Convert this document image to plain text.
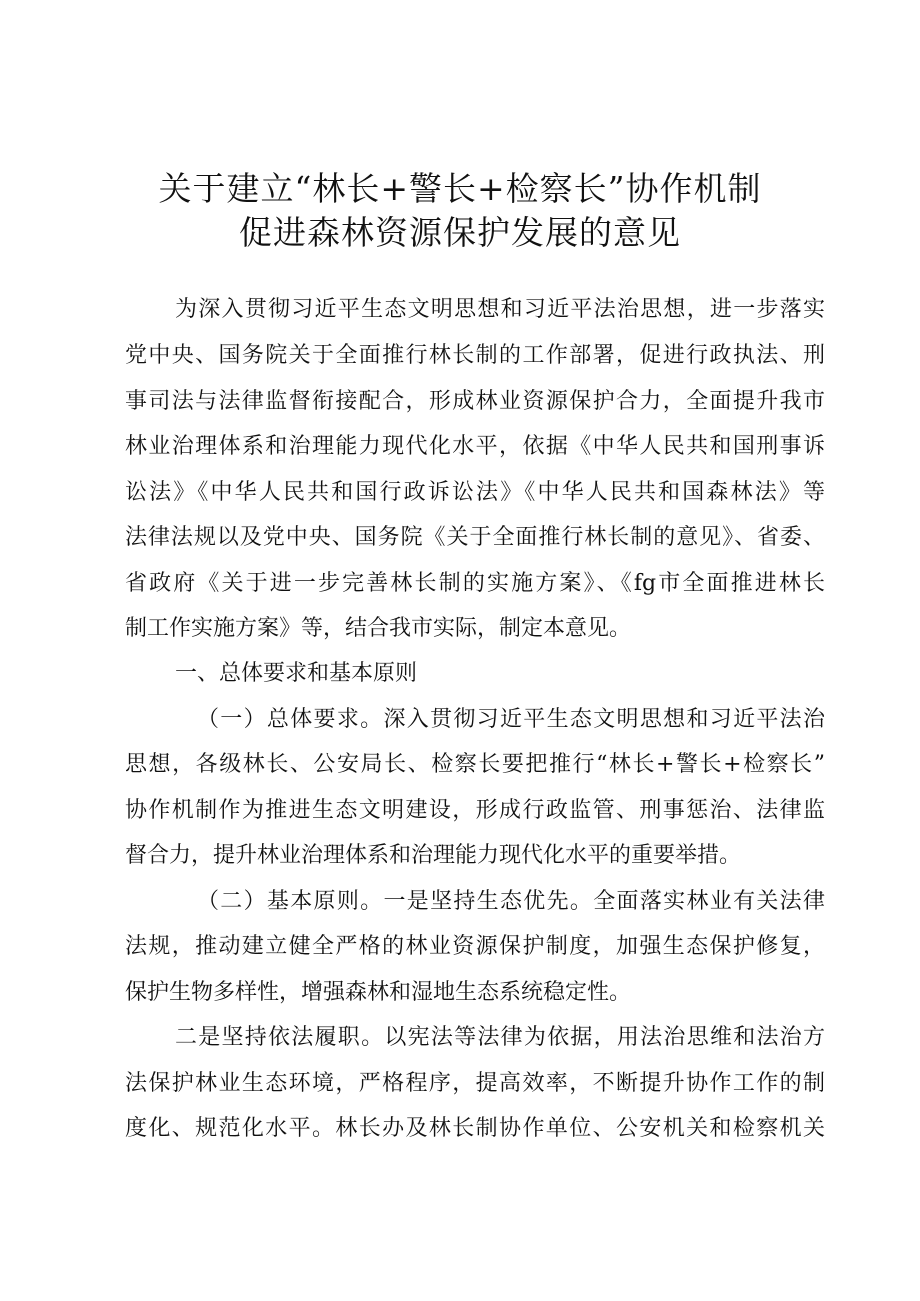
关于建立“林长+警长+检察长”协作机制
促进森林资源保护发展的意见
为深入贯彻习近平生态文明思想和习近平法治思想，进一步落实
党中央、国务院关于全面推行林长制的工作部署，促进行政执法、刑
事司法与法律监督衔接配合，形成林业资源保护合力，全面提升我市
林业治理体系和治理能力现代化水平，依据《中华人民共和国刑事诉
讼法》《中华人民共和国行政诉讼法》《中华人民共和国森林法》等
法律法规以及党中央、国务院《关于全面推行林长制的意见》、省委、
省政府《关于进一步完善林长制的实施方案》、《fg市全面推进林长
制工作实施方案》等，结合我市实际，制定本意见。
一、总体要求和基本原则
（一）总体要求。深入贯彻习近平生态文明思想和习近平法治
思想，各级林长、公安局长、检察长要把推行“林长+警长+检察长”
协作机制作为推进生态文明建设，形成行政监管、刑事惩治、法律监
督合力，提升林业治理体系和治理能力现代化水平的重要举措。
（二）基本原则。一是坚持生态优先。全面落实林业有关法律
法规，推动建立健全严格的林业资源保护制度，加强生态保护修复，
保护生物多样性，增强森林和湿地生态系统稳定性。
二是坚持依法履职。以宪法等法律为依据，用法治思维和法治方
法保护林业生态环境，严格程序，提高效率，不断提升协作工作的制
度化、规范化水平。林长办及林长制协作单位、公安机关和检察机关
